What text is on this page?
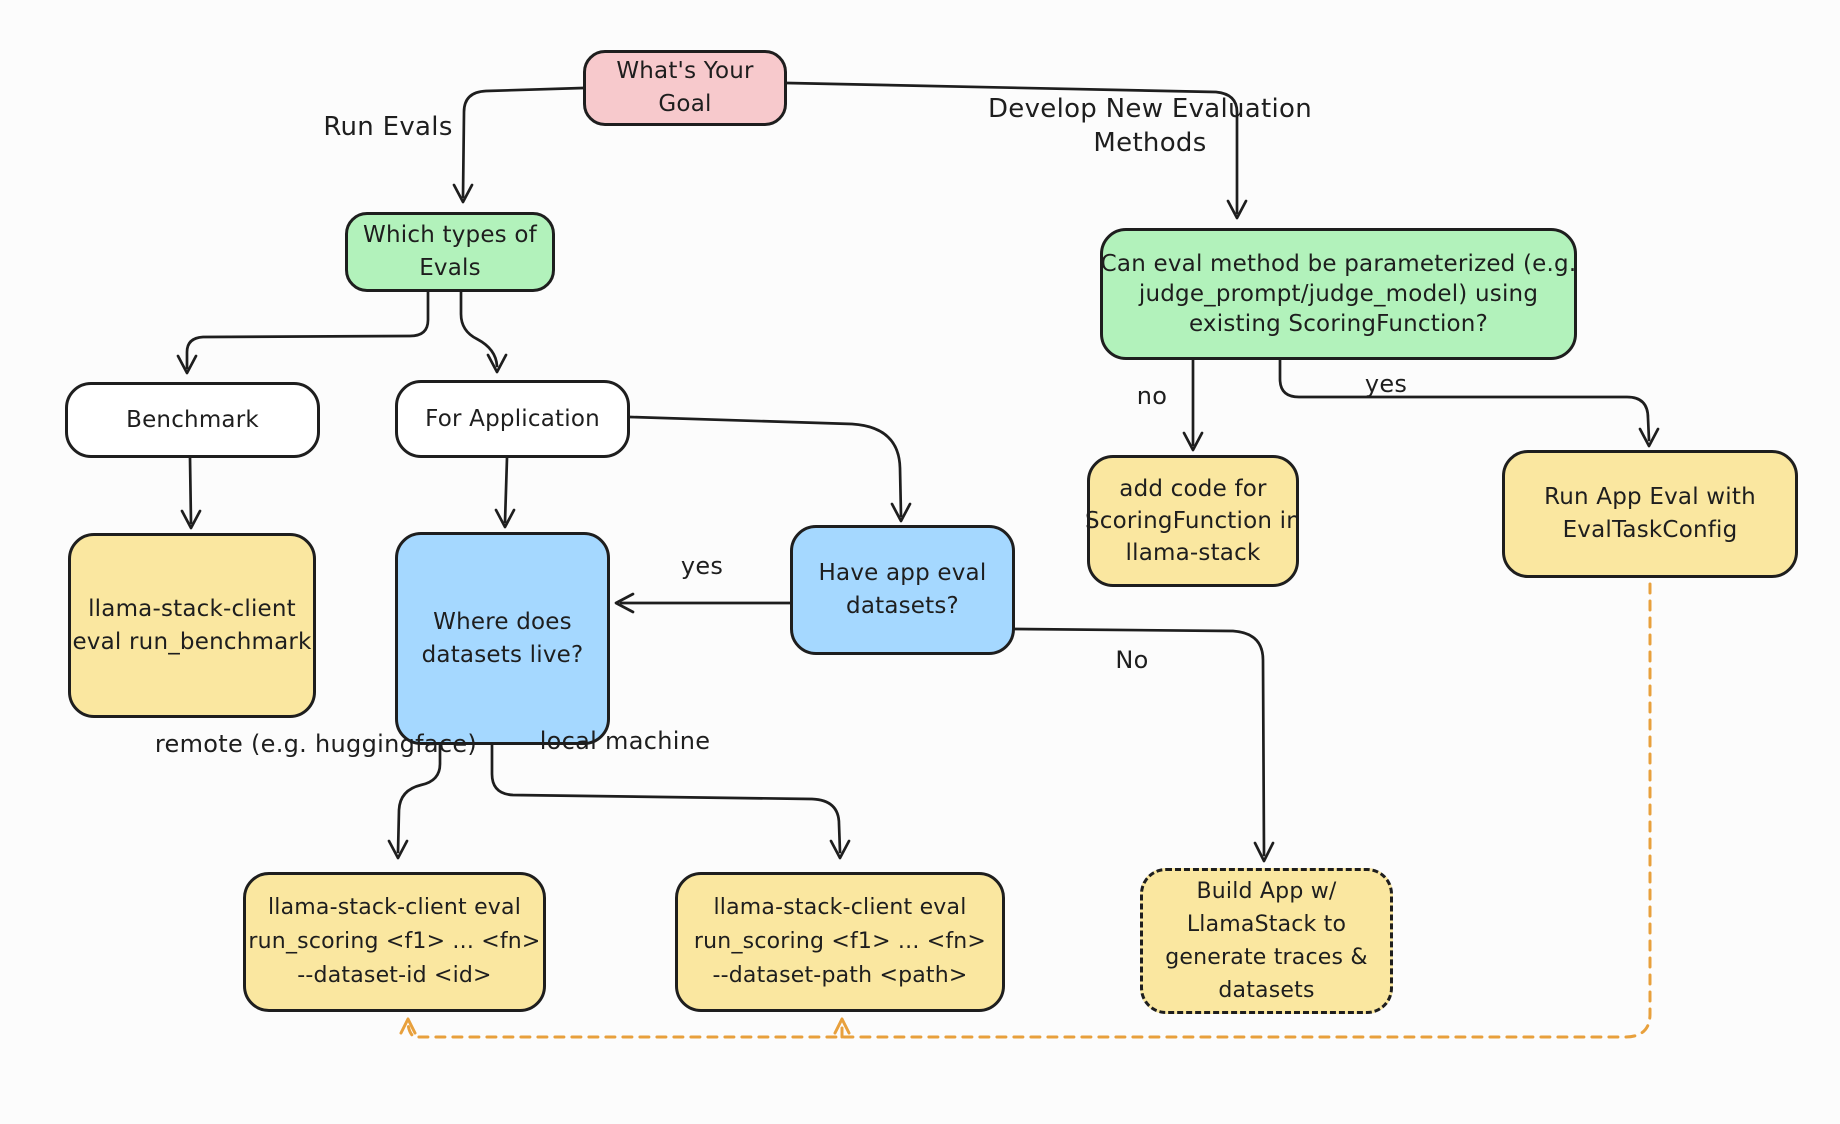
What's Your
Goal
Which types of
Evals
Benchmark	For Application
llama-stack-client
eval run_benchmark
Where does
datasets live?
Have app eval
datasets?
Can eval method be parameterized (e.g.
judge_prompt/judge_model) using
existing ScoringFunction?
add code for
ScoringFunction in
llama-stack
Run App Eval with
EvalTaskConfig
llama-stack-client eval
run_scoring <f1> ... <fn>
--dataset-id <id>
llama-stack-client eval
run_scoring <f1> ... <fn>
--dataset-path <path>
Build App w/
LlamaStack to
generate traces &
datasets
Run Evals
Develop New Evaluation
Methods
no	yes
yes
No
remote (e.g. huggingface)	local machine
